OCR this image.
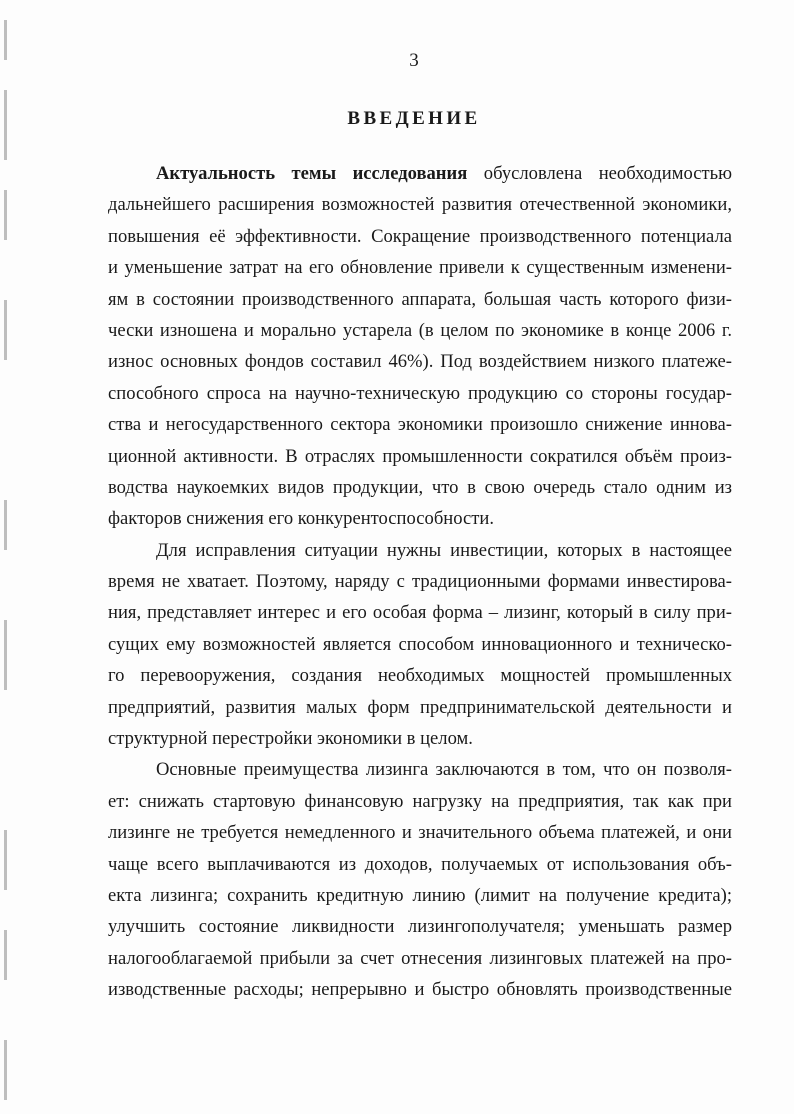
3
ВВЕДЕНИЕ
Актуальность темы исследования обусловлена необходимостью
дальнейшего расширения возможностей развития отечественной экономики,
повышения её эффективности. Сокращение производственного потенциала
и уменьшение затрат на его обновление привели к существенным изменени-
ям в состоянии производственного аппарата, большая часть которого физи-
чески изношена и морально устарела (в целом по экономике в конце 2006 г.
износ основных фондов составил 46%). Под воздействием низкого платеже-
способного спроса на научно-техническую продукцию со стороны государ-
ства и негосударственного сектора экономики произошло снижение иннова-
ционной активности. В отраслях промышленности сократился объём произ-
водства наукоемких видов продукции, что в свою очередь стало одним из
факторов снижения его конкурентоспособности.
Для исправления ситуации нужны инвестиции, которых в настоящее
время не хватает. Поэтому, наряду с традиционными формами инвестирова-
ния, представляет интерес и его особая форма – лизинг, который в силу при-
сущих ему возможностей является способом инновационного и техническо-
го перевооружения, создания необходимых мощностей промышленных
предприятий, развития малых форм предпринимательской деятельности и
структурной перестройки экономики в целом.
Основные преимущества лизинга заключаются в том, что он позволя-
ет: снижать стартовую финансовую нагрузку на предприятия, так как при
лизинге не требуется немедленного и значительного объема платежей, и они
чаще всего выплачиваются из доходов, получаемых от использования объ-
екта лизинга; сохранить кредитную линию (лимит на получение кредита);
улучшить состояние ликвидности лизингополучателя; уменьшать размер
налогооблагаемой прибыли за счет отнесения лизинговых платежей на про-
изводственные расходы; непрерывно и быстро обновлять производственные
